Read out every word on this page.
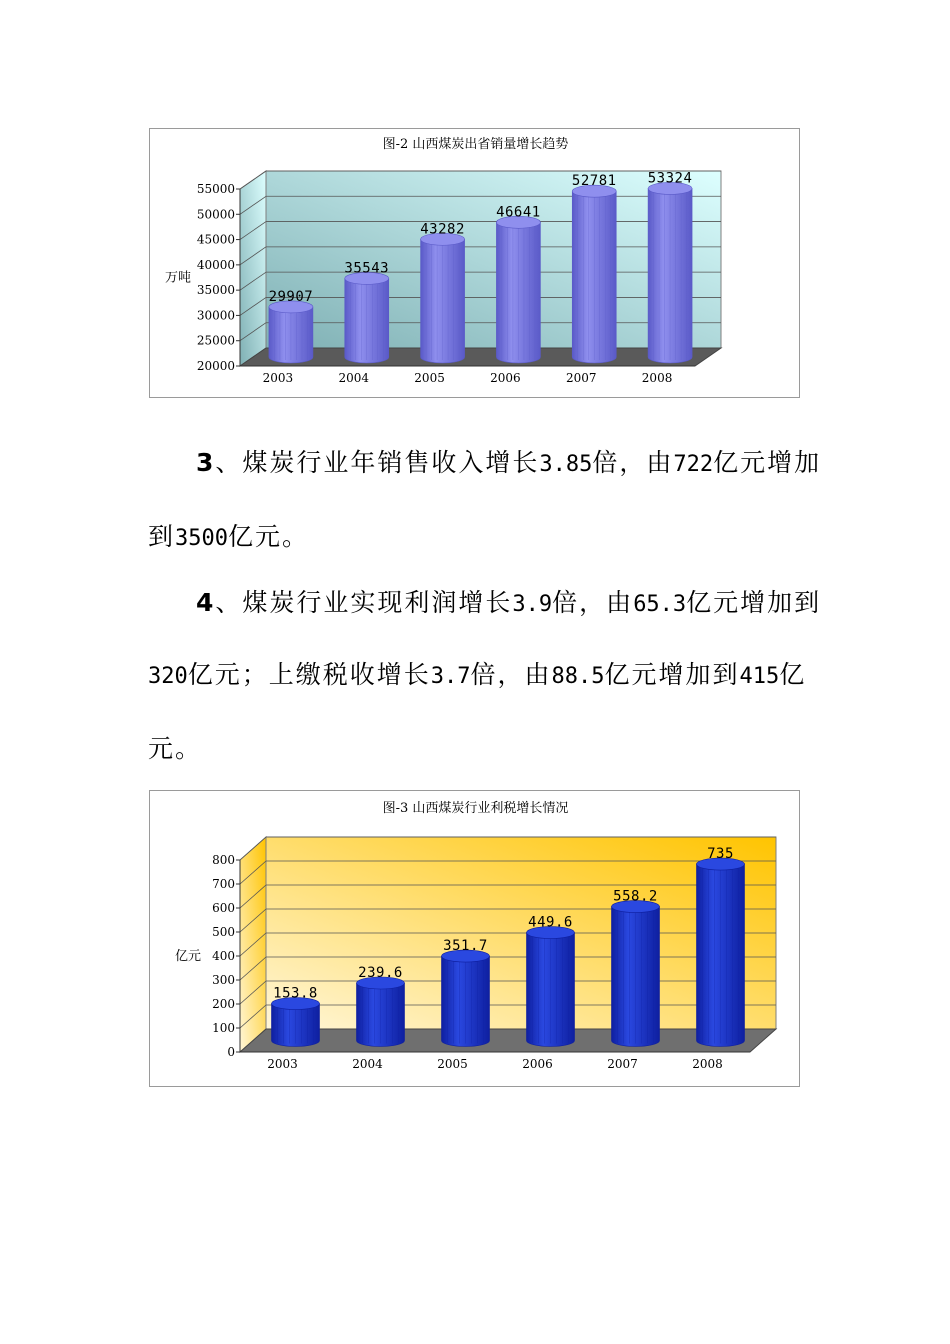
图-2 山西煤炭出省销量增长趋势
20000
25000
30000
35000
40000
45000
50000
55000
万吨
29907
2003
35543
2004
43282
2005
46641
2006
52781
2007
53324
2008

3、煤炭行业年销售收入增长3.85倍，由722亿元增加

到3500亿元。

4、煤炭行业实现利润增长3.9倍，由65.3亿元增加到

320亿元；上缴税收增长3.7倍，由88.5亿元增加到415亿

元。

图-3 山西煤炭行业利税增长情况
0
100
200
300
400
500
600
700
800
亿元
153.8
2003
239.6
2004
351.7
2005
449.6
2006
558.2
2007
735
2008
